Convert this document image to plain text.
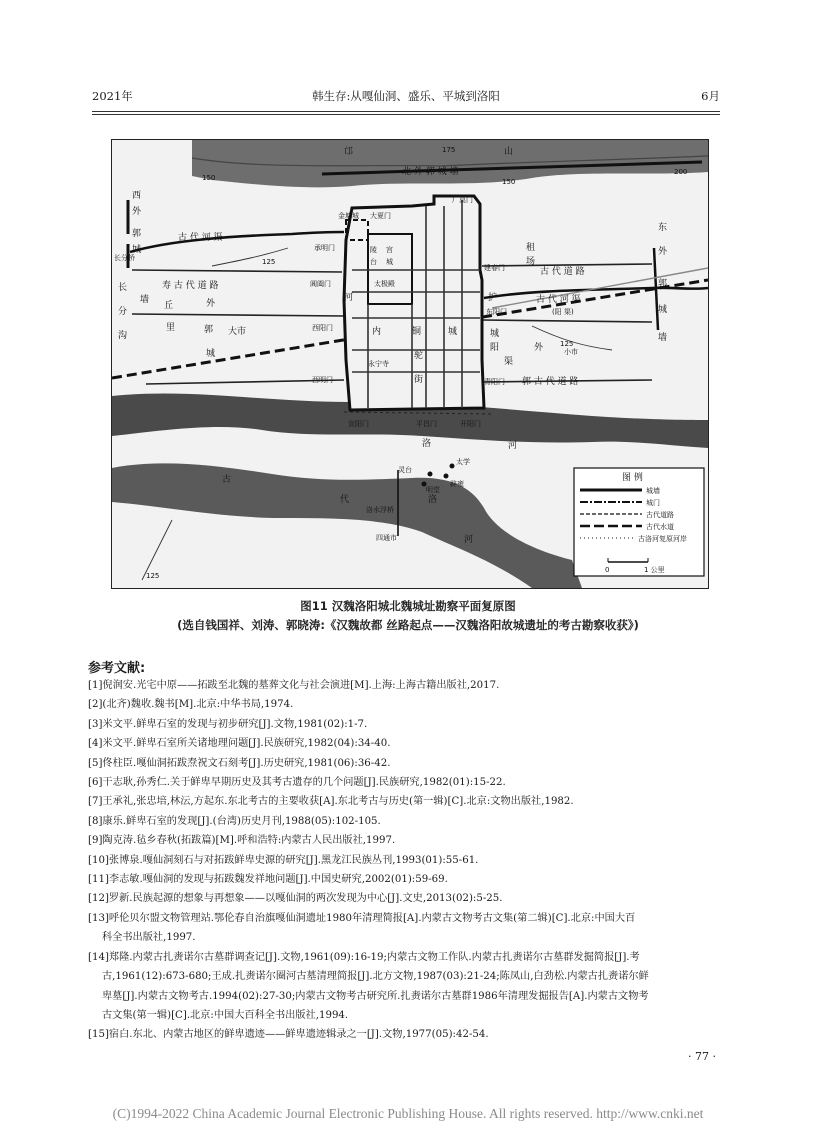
2021年	韩生存:从嘎仙洞、盛乐、平城到洛阳	6月
邙	山
北 外 郭 城 墙
150
175
150
200
西
外
郭
城
长分桥
长
分
沟
古 代 河 渠
寿 古 代 道 路
丘	外
里	郭 大市
城
墙
金墉城 大夏门
广莫门
承明门	陵 宫
城
台
阊阖门	太极殿
建春门
租
场
古 代 道 路
古 代 河 渠
(阳 渠)
东阳门
西阳门	内	铜	城
永宁寺
西明门	青阳门
驼
街
小市
郭 古 代 道 路
护
城
阳
渠
外
河
东
外
郭
城
墙
宣阳门	平昌门	开阳门
洛	河
灵台
明堂
太学
辟雍
古
代	洛
洛水浮桥
四通市	河
125
125
125
图 例
城墙
城门
古代道路
古代水道
古洛河复原河岸
0	1 公里
图11 汉魏洛阳城北魏城址勘察平面复原图
(选自钱国祥、刘涛、郭晓涛:《汉魏故都 丝路起点——汉魏洛阳故城遗址的考古勘察收获》)
参考文献:
[1]倪润安.光宅中原——拓跋至北魏的墓葬文化与社会演进[M].上海:上海古籍出版社,2017.
[2](北齐)魏收.魏书[M].北京:中华书局,1974.
[3]米文平.鲜卑石室的发现与初步研究[J].文物,1981(02):1-7.
[4]米文平.鲜卑石室所关诸地理问题[J].民族研究,1982(04):34-40.
[5]佟柱臣.嘎仙洞拓跋焘祝文石刻考[J].历史研究,1981(06):36-42.
[6]干志耿,孙秀仁.关于鲜卑早期历史及其考古遗存的几个问题[J].民族研究,1982(01):15-22.
[7]王承礼,张忠培,林沄,方起东.东北考古的主要收获[A].东北考古与历史(第一辑)[C].北京:文物出版社,1982.
[8]康乐.鲜卑石室的发现[J].(台湾)历史月刊,1988(05):102-105.
[9]陶克涛.毡乡春秋(拓跋篇)[M].呼和浩特:内蒙古人民出版社,1997.
[10]张博泉.嘎仙洞刻石与对拓跋鲜卑史源的研究[J].黑龙江民族丛刊,1993(01):55-61.
[11]李志敏.嘎仙洞的发现与拓跋魏发祥地问题[J].中国史研究,2002(01):59-69.
[12]罗新.民族起源的想象与再想象——以嘎仙洞的两次发现为中心[J].文史,2013(02):5-25.
[13]呼伦贝尔盟文物管理站.鄂伦春自治旗嘎仙洞遗址1980年清理简报[A].内蒙古文物考古文集(第二辑)[C].北京:中国大百
科全书出版社,1997.
[14]郑隆.内蒙古扎赉诺尔古墓群调查记[J].文物,1961(09):16-19;内蒙古文物工作队.内蒙古扎赉诺尔古墓群发掘简报[J].考
古,1961(12):673-680;王成.扎赉诺尔圈河古墓清理简报[J].北方文物,1987(03):21-24;陈凤山,白劲松.内蒙古扎赉诺尔鲜
卑墓[J].内蒙古文物考古.1994(02):27-30;内蒙古文物考古研究所.扎赉诺尔古墓群1986年清理发掘报告[A].内蒙古文物考
古文集(第一辑)[C].北京:中国大百科全书出版社,1994.
[15]宿白.东北、内蒙古地区的鲜卑遗迹——鲜卑遗迹辑录之一[J].文物,1977(05):42-54.
· 77 ·
(C)1994-2022 China Academic Journal Electronic Publishing House. All rights reserved. http://www.cnki.net
